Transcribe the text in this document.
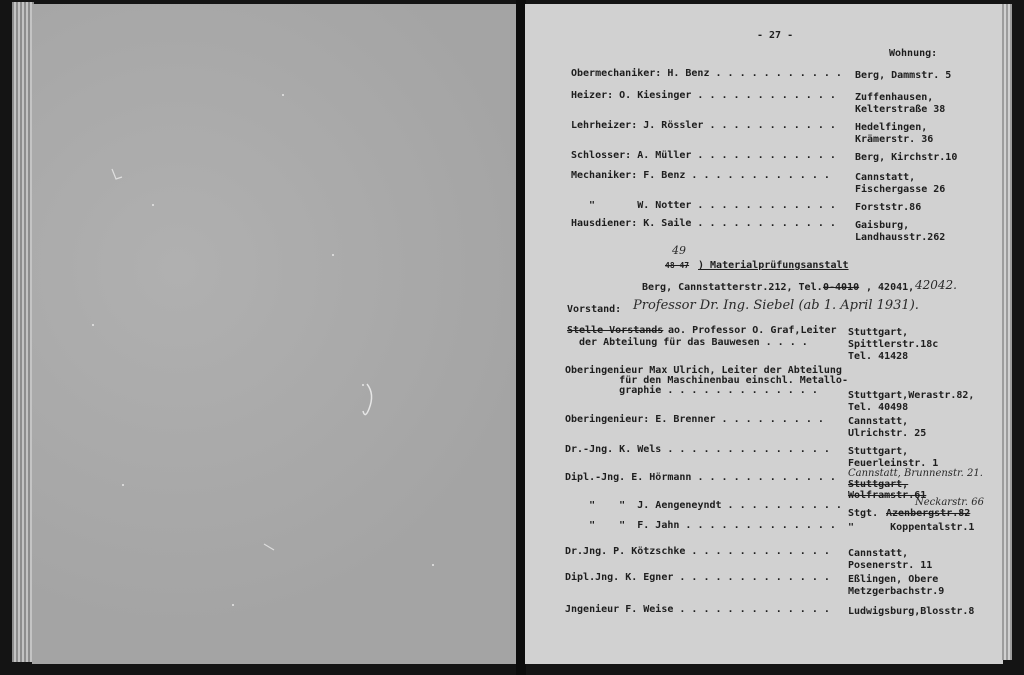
- 27 -
Wohnung:
Obermechaniker: H. Benz . . . . . . . . . . . Berg, Dammstr. 5
Heizer: O. Kiesinger . . . . . . . . . . . . Zuffenhausen,
Kelterstraße 38
Lehrheizer: J. Rössler . . . . . . . . . . . Hedelfingen,
Krämerstr. 36
Schlosser: A. Müller . . . . . . . . . . . . Berg, Kirchstr.10
Mechaniker: F. Benz . . . . . . . . . . . .	Cannstatt,
Fischergasse 26
"       W. Notter . . . . . . . . . . . . Forststr.86
Hausdiener: K. Saile . . . . . . . . . . . . Gaisburg,
Landhausstr.262
49
48 47 ) Materialprüfungsanstalt
Berg, Cannstatterstr.212, Tel. 0-4010 , 42041, 42042.
Vorstand: Professor Dr. Ing. Siebel (ab 1. April 1931).
Stelle Vorstands ao. Professor O. Graf,Leiter
der Abteilung für das Bauwesen . . . .
Stuttgart,
Spittlerstr.18c
Tel. 41428
Oberingenieur Max Ulrich, Leiter der Abteilung
für den Maschinenbau einschl. Metallo-
graphie . . . . . . . . . . . . .	Stuttgart,Werastr.82,
Tel. 40498
Oberingenieur: E. Brenner . . . . . . . . . Cannstatt,
Ulrichstr. 25
Dr.-Jng. K. Wels . . . . . . . . . . . . . . Stuttgart,
Feuerleinstr. 1
Dipl.-Jng. E. Hörmann . . . . . . . . . . . .
"    "  J. Aengeneyndt . . . . . . . . . .
"    "  F. Jahn . . . . . . . . . . . . . "      Koppentalstr.1
Dr.Jng. P. Kötzschke . . . . . . . . . . . . Cannstatt,
Posenerstr. 11
Dipl.Jng. K. Egner . . . . . . . . . . . . . Eßlingen, Obere
Metzgerbachstr.9
Jngenieur F. Weise . . . . . . . . . . . . . Ludwigsburg,Blosstr.8
Cannstatt, Brunnenstr. 21.
Stuttgart,
Wolframstr.61
Stgt. Azenbergstr.82
Neckarstr. 66
